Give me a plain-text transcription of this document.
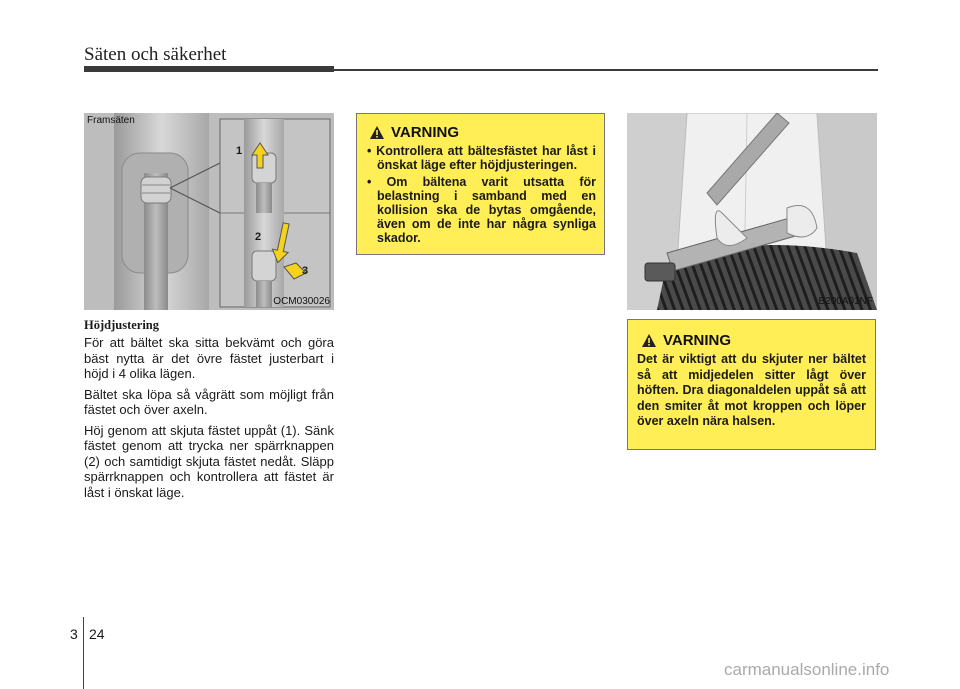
Säten och säkerhet
Framsäten
1
2
3
OCM030026
Höjdjustering

För att bältet ska sitta bekvämt och göra bäst nytta är det övre fästet justerbart i höjd i 4 olika lägen.

Bältet ska löpa så vågrätt som möjligt från fästet och över axeln.

Höj genom att skjuta fästet uppåt (1). Sänk fästet genom att trycka ner spärrknappen (2) och samtidigt skjuta fästet nedåt. Släpp spärrknappen och kontrollera att fästet är låst i önskat läge.

VARNING
• Kontrollera att bältesfästet har låst i önskat läge efter höjdjusteringen.
• Om bältena varit utsatta för belastning i samband med en kollision ska de bytas omgående, även om de inte har några synliga skador.
B200A01NF
VARNING

Det är viktigt att du skjuter ner bältet så att midjedelen sitter lågt över höften. Dra diagonaldelen uppåt så att den smiter åt mot kroppen och löper över axeln nära halsen.

3 24
carmanualsonline.info
